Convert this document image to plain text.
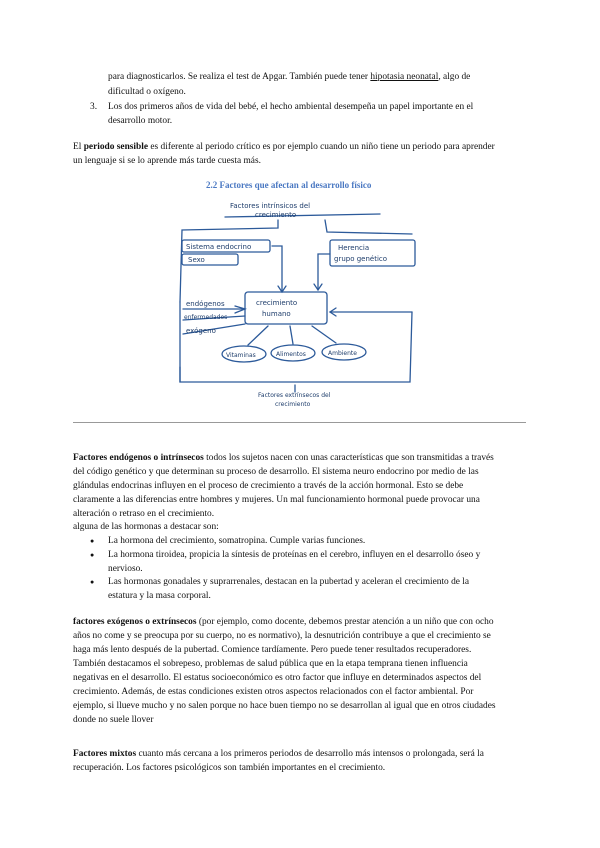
para diagnosticarlos. Se realiza el test de Apgar. También puede tener hipotasia neonatal, algo de

dificultad o oxígeno.

3.	Los dos primeros años de vida del bebé, el hecho ambiental desempeña un papel importante en el

desarrollo motor.

El periodo sensible es diferente al periodo crítico es por ejemplo cuando un niño tiene un periodo para aprender

un lenguaje si se lo aprende más tarde cuesta más.

2.2 Factores que afectan al desarrollo físico
Factores intrínsicos del
crecimiento
Sistema endocrino
Sexo
Herencia
grupo genético
endógenos
enfermedades
exógeno
crecimiento
humano
Vitaminas	Alimentos	Ambiente
Factores extrínsecos del
crecimiento

Factores endógenos o intrínsecos todos los sujetos nacen con unas características que son transmitidas a través

del código genético y que determinan su proceso de desarrollo. El sistema neuro endocrino por medio de las

glándulas endocrinas influyen en el proceso de crecimiento a través de la acción hormonal. Esto se debe

claramente a las diferencias entre hombres y mujeres. Un mal funcionamiento hormonal puede provocar una

alteración o retraso en el crecimiento.

alguna de las hormonas a destacar son:

●	La hormona del crecimiento, somatropina. Cumple varias funciones.

●	La hormona tiroidea, propicia la síntesis de proteínas en el cerebro, influyen en el desarrollo óseo y

nervioso.

●	Las hormonas gonadales y suprarrenales, destacan en la pubertad y aceleran el crecimiento de la

estatura y la masa corporal.

factores exógenos o extrínsecos (por ejemplo, como docente, debemos prestar atención a un niño que con ocho

años no come y se preocupa por su cuerpo, no es normativo), la desnutrición contribuye a que el crecimiento se

haga más lento después de la pubertad. Comience tardíamente. Pero puede tener resultados recuperadores.

También destacamos el sobrepeso, problemas de salud pública que en la etapa temprana tienen influencia

negativas en el desarrollo. El estatus socioeconómico es otro factor que influye en determinados aspectos del

crecimiento. Además, de estas condiciones existen otros aspectos relacionados con el factor ambiental. Por

ejemplo, si llueve mucho y no salen porque no hace buen tiempo no se desarrollan al igual que en otros ciudades

donde no suele llover

Factores mixtos cuanto más cercana a los primeros periodos de desarrollo más intensos o prolongada, será la

recuperación. Los factores psicológicos son también importantes en el crecimiento.
